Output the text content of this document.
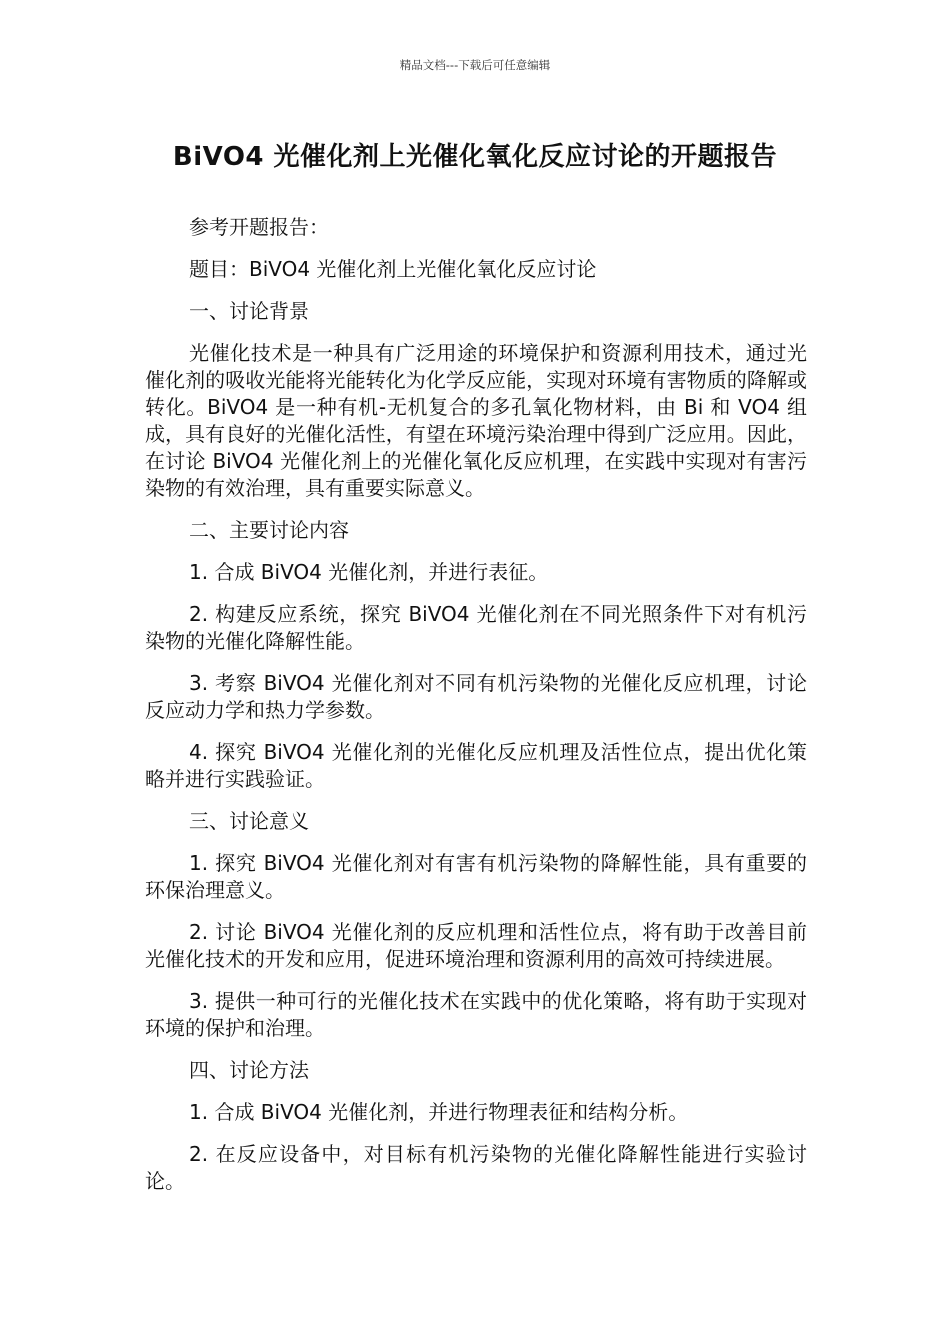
精品文档---下载后可任意编辑
BiVO4 光催化剂上光催化氧化反应讨论的开题报告

参考开题报告：

题目：BiVO4 光催化剂上光催化氧化反应讨论

一、讨论背景

光催化技术是一种具有广泛用途的环境保护和资源利用技术，通过光催化剂的吸收光能将光能转化为化学反应能，实现对环境有害物质的降解或转化。BiVO4 是一种有机-无机复合的多孔氧化物材料，由 Bi 和 VO4 组成，具有良好的光催化活性，有望在环境污染治理中得到广泛应用。因此，在讨论 BiVO4 光催化剂上的光催化氧化反应机理，在实践中实现对有害污染物的有效治理，具有重要实际意义。

二、主要讨论内容

1. 合成 BiVO4 光催化剂，并进行表征。

2. 构建反应系统，探究 BiVO4 光催化剂在不同光照条件下对有机污染物的光催化降解性能。

3. 考察 BiVO4 光催化剂对不同有机污染物的光催化反应机理，讨论反应动力学和热力学参数。

4. 探究 BiVO4 光催化剂的光催化反应机理及活性位点，提出优化策略并进行实践验证。

三、讨论意义

1. 探究 BiVO4 光催化剂对有害有机污染物的降解性能，具有重要的环保治理意义。

2. 讨论 BiVO4 光催化剂的反应机理和活性位点，将有助于改善目前光催化技术的开发和应用，促进环境治理和资源利用的高效可持续进展。

3. 提供一种可行的光催化技术在实践中的优化策略，将有助于实现对环境的保护和治理。

四、讨论方法

1. 合成 BiVO4 光催化剂，并进行物理表征和结构分析。

2. 在反应设备中，对目标有机污染物的光催化降解性能进行实验讨论。
